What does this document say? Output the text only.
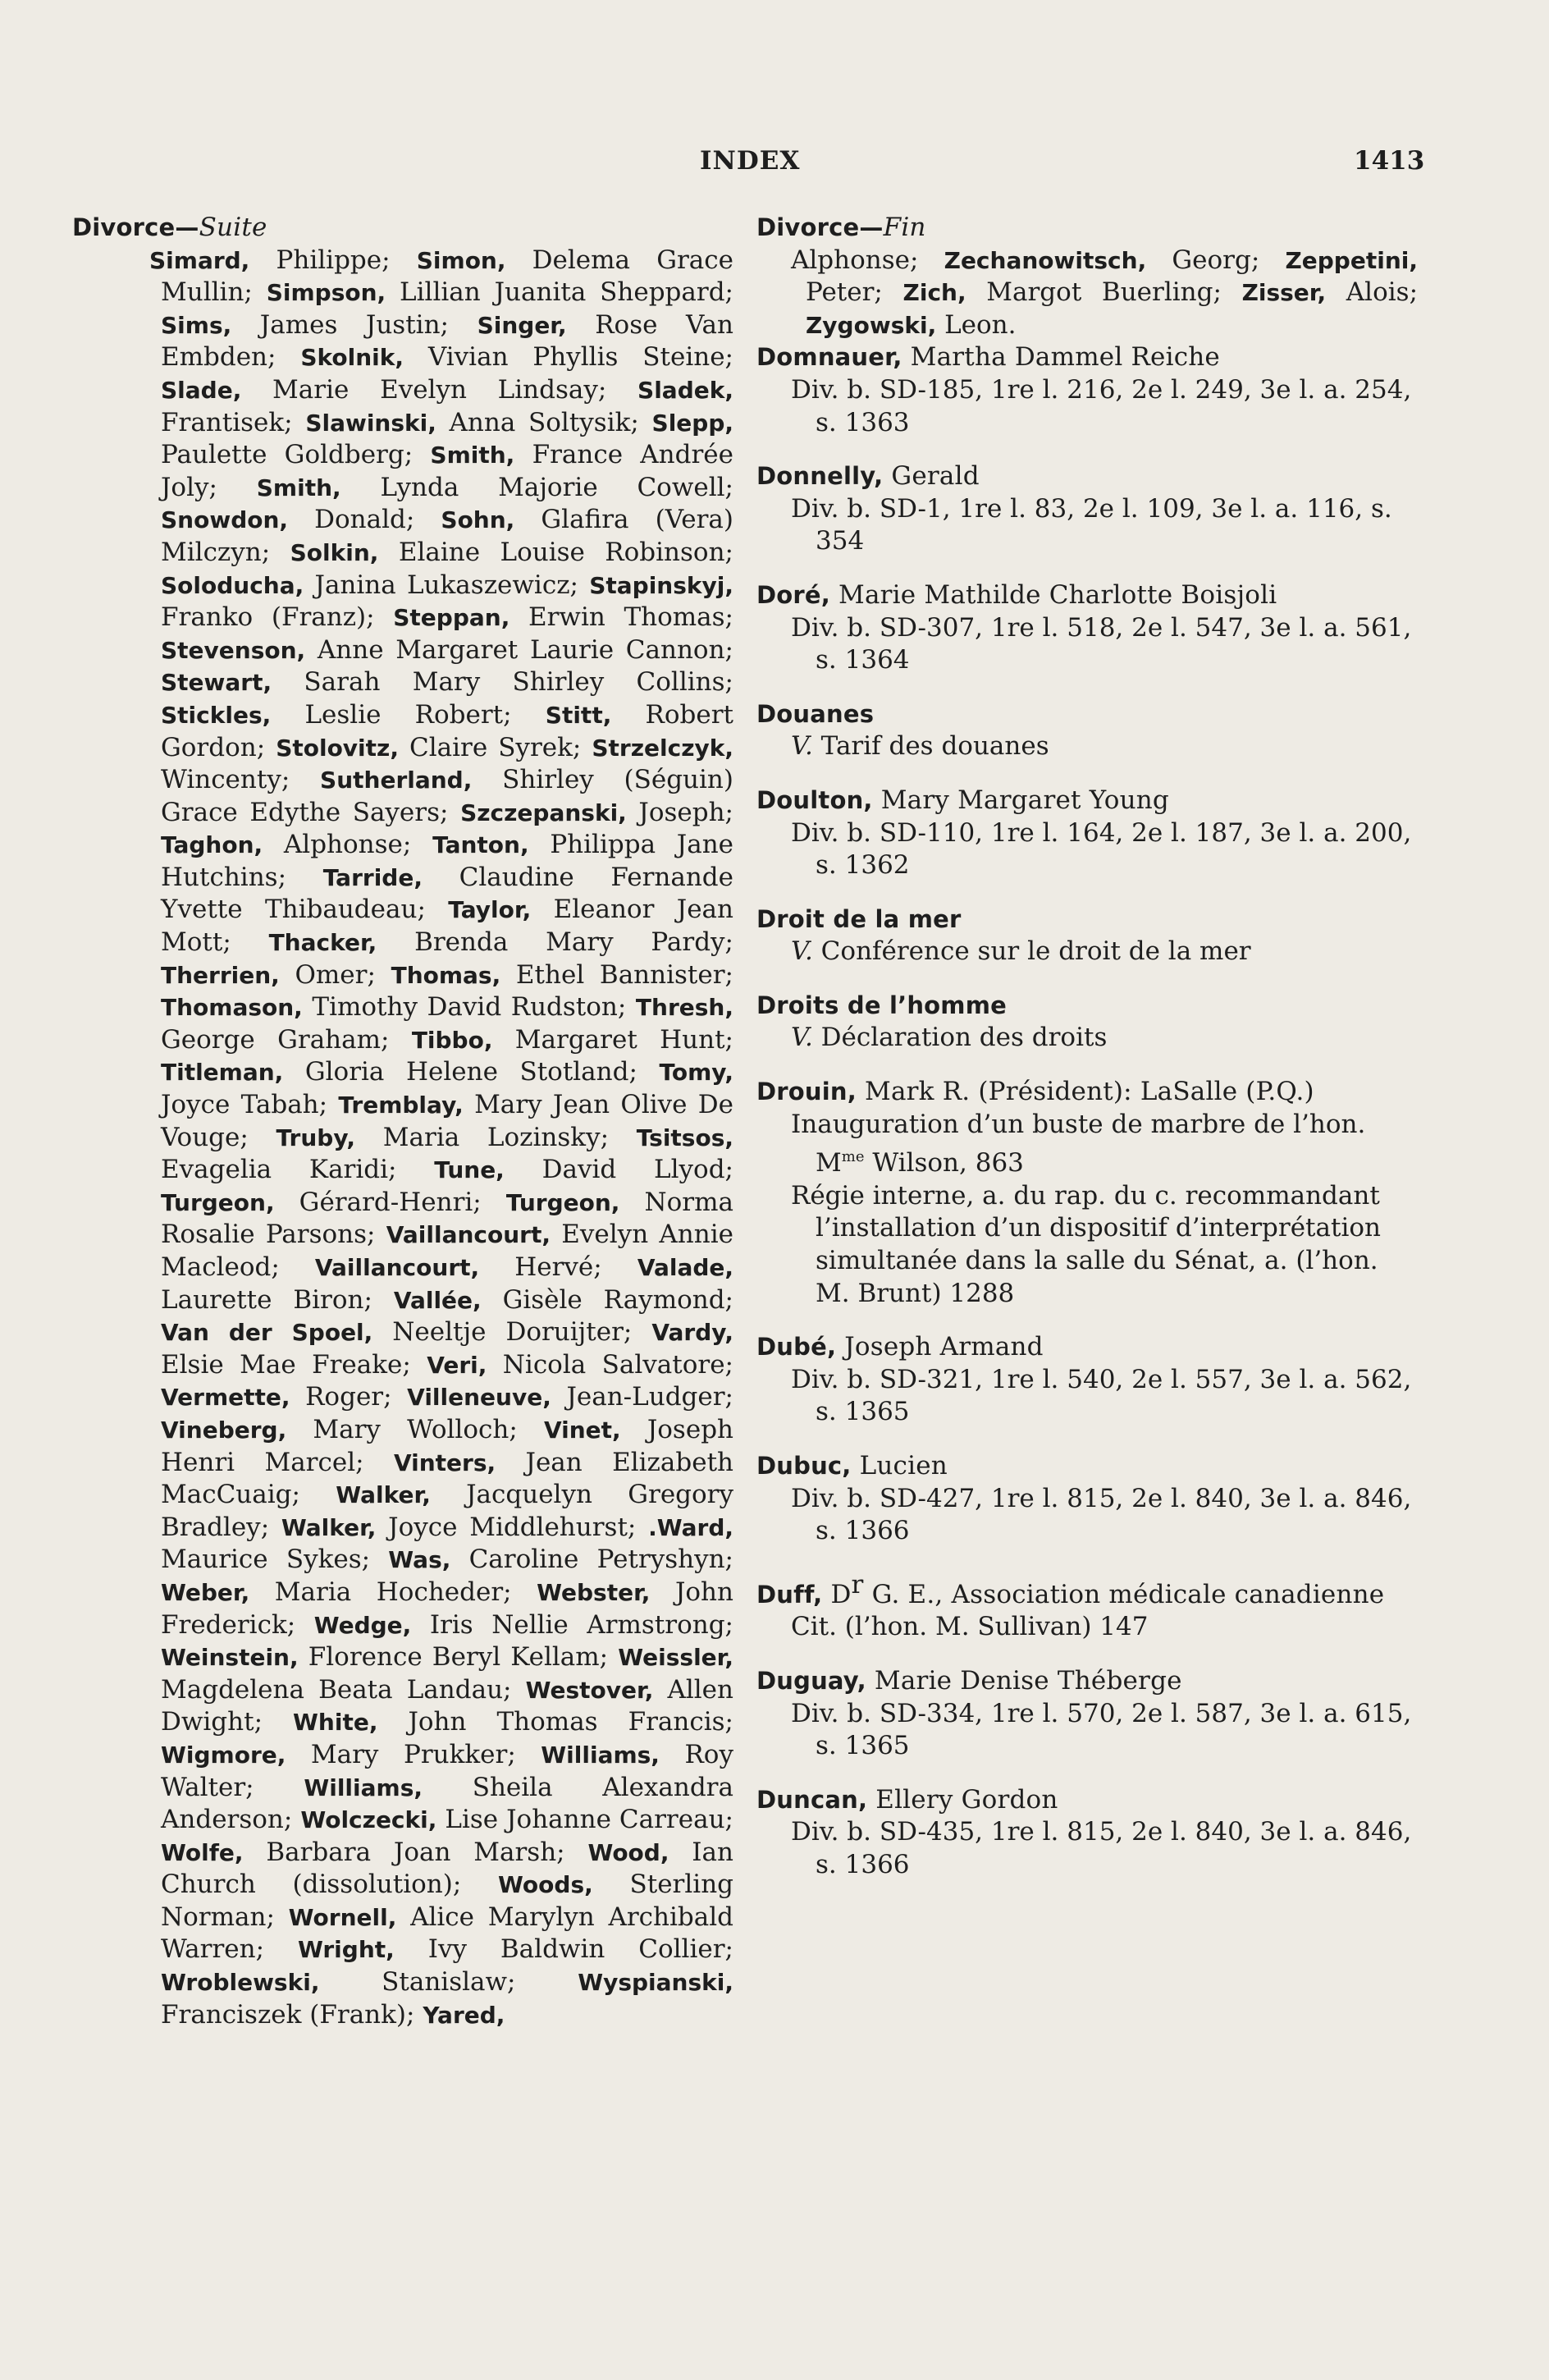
INDEX	1413
Divorce—Suite
Simard, Philippe; Simon, Delema Grace Mullin; Simpson, Lillian Juanita Sheppard; Sims, James Justin; Singer, Rose Van Embden; Skolnik, Vivian Phyllis Steine; Slade, Marie Evelyn Lindsay; Sladek, Frantisek; Slawinski, Anna Soltysik; Slepp, Paulette Goldberg; Smith, France Andrée Joly; Smith, Lynda Majorie Cowell; Snowdon, Donald; Sohn, Glafira (Vera) Milczyn; Solkin, Elaine Louise Robinson; Soloducha, Janina Lukaszewicz; Stapinskyj, Franko (Franz); Steppan, Erwin Thomas; Stevenson, Anne Margaret Laurie Cannon; Stewart, Sarah Mary Shirley Collins; Stickles, Leslie Robert; Stitt, Robert Gordon; Stolovitz, Claire Syrek; Strzelczyk, Wincenty; Sutherland, Shirley (Séguin) Grace Edythe Sayers; Szczepanski, Joseph; Taghon, Alphonse; Tanton, Philippa Jane Hutchins; Tarride, Claudine Fernande Yvette Thibaudeau; Taylor, Eleanor Jean Mott; Thacker, Brenda Mary Pardy; Therrien, Omer; Thomas, Ethel Bannister; Thomason, Timothy David Rudston; Thresh, George Graham; Tibbo, Margaret Hunt; Titleman, Gloria Helene Stotland; Tomy, Joyce Tabah; Tremblay, Mary Jean Olive De Vouge; Truby, Maria Lozinsky; Tsitsos, Evagelia Karidi; Tune, David Llyod; Turgeon, Gérard-Henri; Turgeon, Norma Rosalie Parsons; Vaillancourt, Evelyn Annie Macleod; Vaillancourt, Hervé; Valade, Laurette Biron; Vallée, Gisèle Raymond; Van der Spoel, Neeltje Doruijter; Vardy, Elsie Mae Freake; Veri, Nicola Salvatore; Vermette, Roger; Villeneuve, Jean-Ludger; Vineberg, Mary Wolloch; Vinet, Joseph Henri Marcel; Vinters, Jean Elizabeth MacCuaig; Walker, Jacquelyn Gregory Bradley; Walker, Joyce Middlehurst; .Ward, Maurice Sykes; Was, Caroline Petryshyn; Weber, Maria Hocheder; Webster, John Frederick; Wedge, Iris Nellie Armstrong; Weinstein, Florence Beryl Kellam; Weissler, Magdelena Beata Landau; Westover, Allen Dwight; White, John Thomas Francis; Wigmore, Mary Prukker; Williams, Roy Walter; Williams, Sheila Alexandra Anderson; Wolczecki, Lise Johanne Carreau; Wolfe, Barbara Joan Marsh; Wood, Ian Church (dissolution); Woods, Sterling Norman; Wornell, Alice Marylyn Archibald Warren; Wright, Ivy Baldwin Collier; Wroblewski, Stanislaw;	Wyspianski, Franciszek (Frank); Yared,
Divorce—Fin
Alphonse; Zechanowitsch, Georg; Zeppetini, Peter; Zich, Margot Buerling; Zisser, Alois; Zygowski, Leon.
Domnauer, Martha Dammel Reiche
Div. b. SD-185, 1re l. 216, 2e l. 249, 3e l. a. 254, s. 1363
Donnelly, Gerald
Div. b. SD-1, 1re l. 83, 2e l. 109, 3e l. a. 116, s. 354
Doré, Marie Mathilde Charlotte Boisjoli
Div. b. SD-307, 1re l. 518, 2e l. 547, 3e l. a. 561, s. 1364
Douanes
V. Tarif des douanes
Doulton, Mary Margaret Young
Div. b. SD-110, 1re l. 164, 2e l. 187, 3e l. a. 200, s. 1362
Droit de la mer
V. Conférence sur le droit de la mer
Droits de l’homme
V. Déclaration des droits
Drouin, Mark R. (Président): LaSalle (P.Q.)
Inauguration d’un buste de marbre de l’hon. $M^{me}$ Wilson, 863
Régie interne, a. du rap. du c. recommandant l’installation d’un dispositif d’interprétation simultanée dans la salle du Sénat, a. (l’hon. M. Brunt) 1288
Dubé, Joseph Armand
Div. b. SD-321, 1re l. 540, 2e l. 557, 3e l. a. 562, s. 1365
Dubuc, Lucien
Div. b. SD-427, 1re l. 815, 2e l. 840, 3e l. a. 846, s. 1366
Duff, $D^r$ G. E., Association médicale canadienne
Cit. (l’hon. M. Sullivan) 147
Duguay, Marie Denise Théberge
Div. b. SD-334, 1re l. 570, 2e l. 587, 3e l. a. 615, s. 1365
Duncan, Ellery Gordon
Div. b. SD-435, 1re l. 815, 2e l. 840, 3e l. a. 846, s. 1366
